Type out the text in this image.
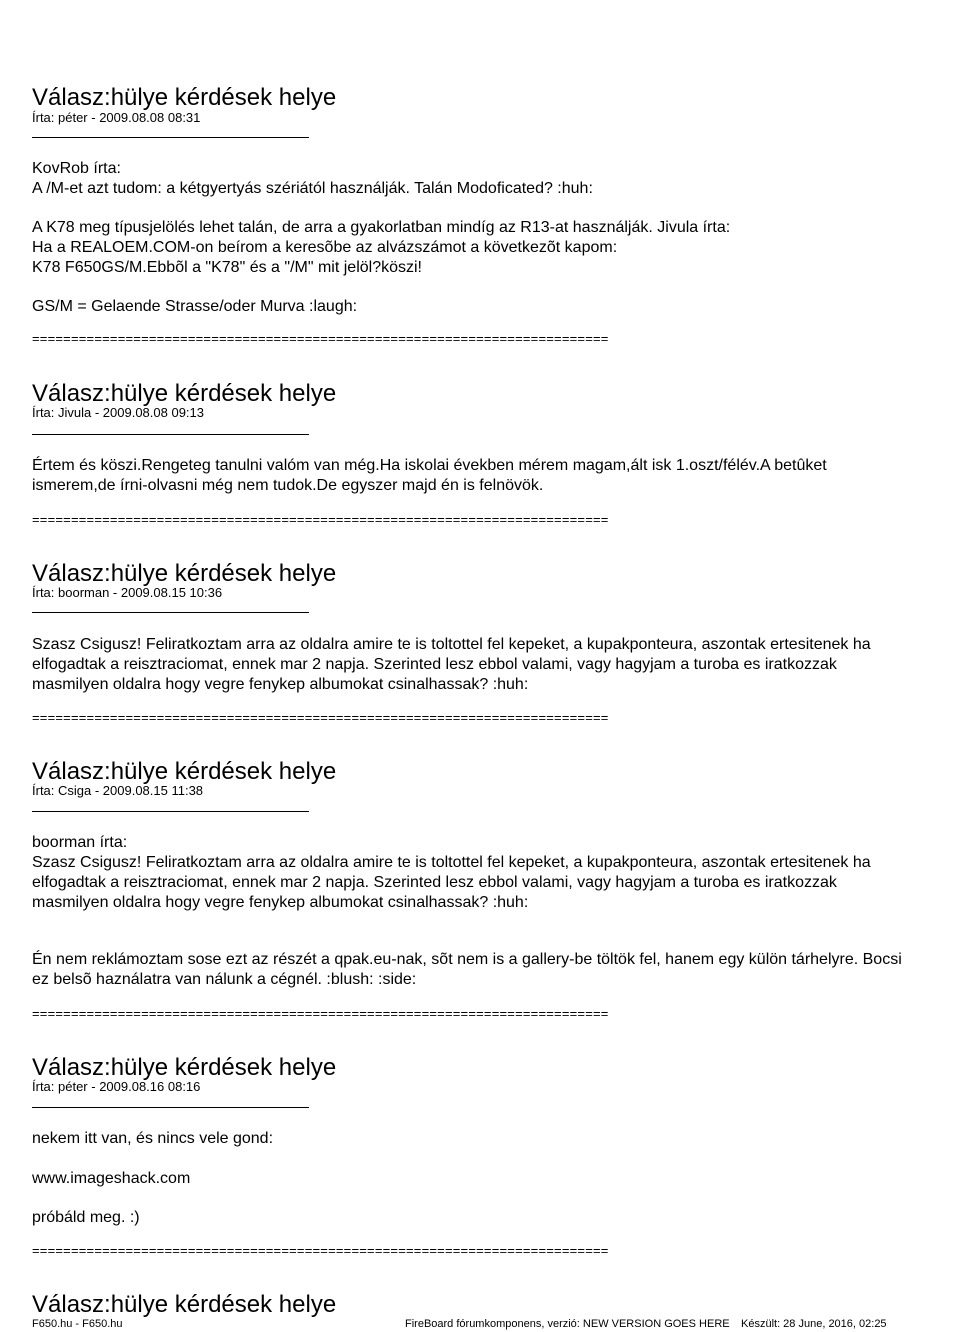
Válasz:hülye kérdések helye
Írta: péter - 2009.08.08 08:31
KovRob írta:
A /M-et azt tudom: a kétgyertyás szériától használják. Talán Modoficated? :huh:
A K78 meg típusjelölés lehet talán, de arra a gyakorlatban mindíg az R13-at használják. Jivula írta:
Ha a REALOEM.COM-on beírom a keresõbe az alvázszámot a következõt kapom:
K78 F650GS/M.Ebbõl a "K78" és a "/M" mit jelöl?köszi!
GS/M = Gelaende Strasse/oder Murva :laugh:
==========================================================================
Válasz:hülye kérdések helye
Írta: Jivula - 2009.08.08 09:13
Értem és köszi.Rengeteg tanulni valóm van még.Ha iskolai években mérem magam,ált isk 1.oszt/félév.A betûket
ismerem,de írni-olvasni még nem tudok.De egyszer majd én is felnövök.
==========================================================================
Válasz:hülye kérdések helye
Írta: boorman - 2009.08.15 10:36
Szasz Csigusz! Feliratkoztam arra az oldalra amire te is toltottel fel kepeket, a kupakponteura, aszontak ertesitenek ha
elfogadtak a reisztraciomat, ennek mar 2 napja. Szerinted lesz ebbol valami, vagy hagyjam a turoba es iratkozzak
masmilyen oldalra hogy vegre fenykep albumokat csinalhassak? :huh:
==========================================================================
Válasz:hülye kérdések helye
Írta: Csiga - 2009.08.15 11:38
boorman írta:
Szasz Csigusz! Feliratkoztam arra az oldalra amire te is toltottel fel kepeket, a kupakponteura, aszontak ertesitenek ha
elfogadtak a reisztraciomat, ennek mar 2 napja. Szerinted lesz ebbol valami, vagy hagyjam a turoba es iratkozzak
masmilyen oldalra hogy vegre fenykep albumokat csinalhassak? :huh:
Én nem reklámoztam sose ezt az részét a qpak.eu-nak, sõt nem is a gallery-be töltök fel, hanem egy külön tárhelyre. Bocsi
ez belsõ haználatra van nálunk a cégnél. :blush: :side:
==========================================================================
Válasz:hülye kérdések helye
Írta: péter - 2009.08.16 08:16
nekem itt van, és nincs vele gond:
www.imageshack.com
próbáld meg. :)
==========================================================================
Válasz:hülye kérdések helye
F650.hu - F650.hu	FireBoard fórumkomponens, verzió: NEW VERSION GOES HERE Készült: 28 June, 2016, 02:25
